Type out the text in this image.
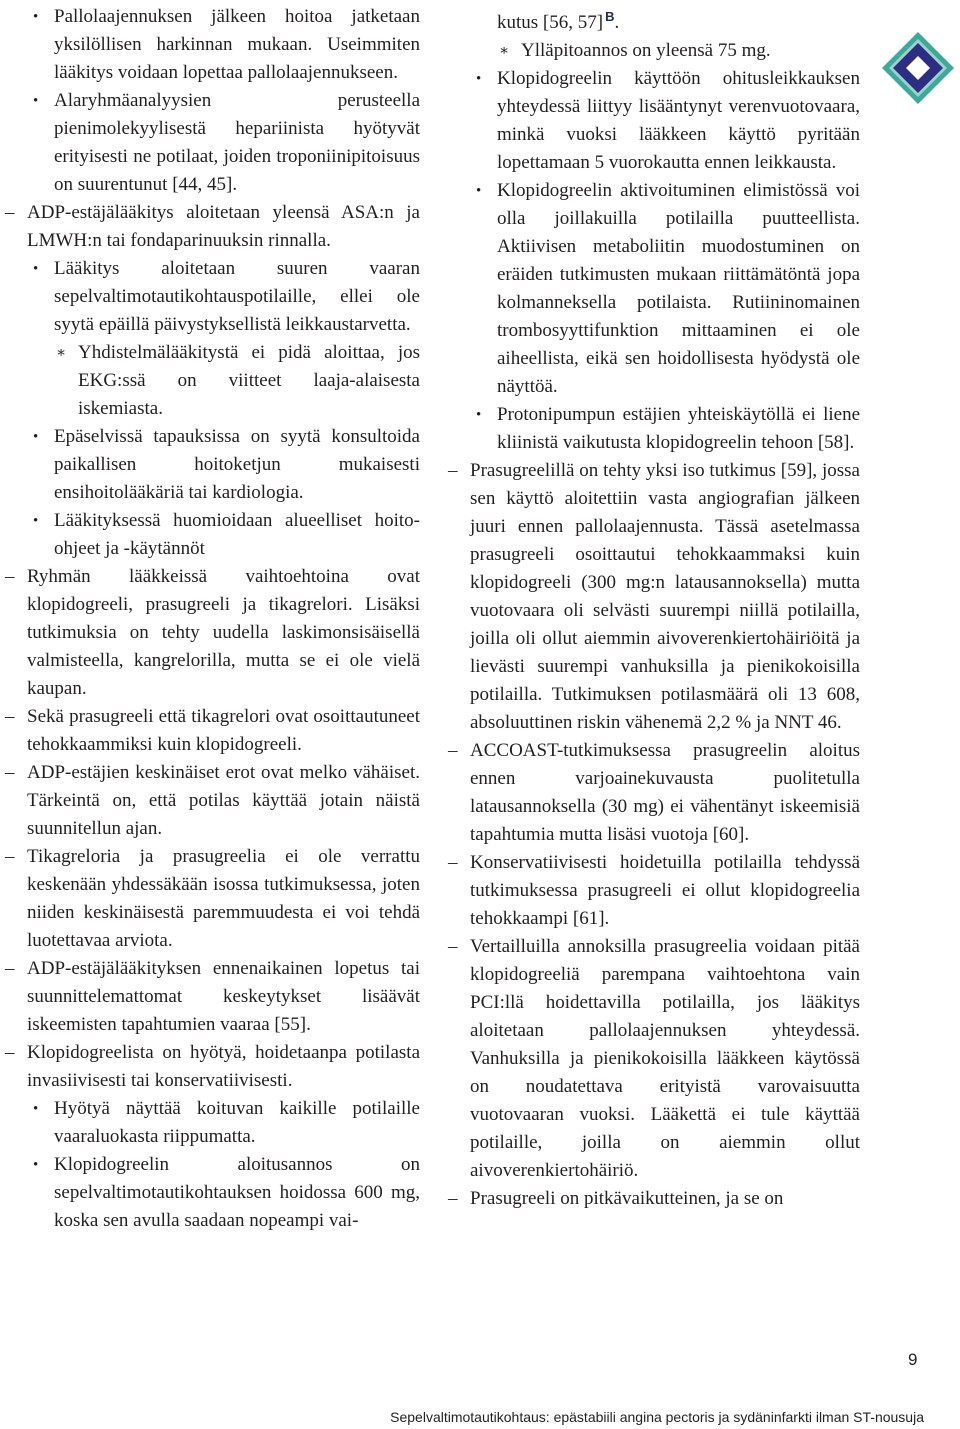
• Pallolaajennuksen jälkeen hoitoa jatketaan yksilöllisen harkinnan mukaan. Useimmiten lääkitys voidaan lopettaa pallolaajennukseen.
• Alaryhmäanalyysien perusteella pienimolekyylisestä hepariinista hyötyvät erityisesti ne potilaat, joiden troponiinipitoisuus on suurentunut [44, 45].
– ADP-estäjälääkitys aloitetaan yleensä ASA:n ja LMWH:n tai fondaparinuuksin rinnalla.
• Lääkitys aloitetaan suuren vaaran sepelvaltimotautikohtauspotilaille, ellei ole syytä epäillä päivystyksellistä leikkaustarvetta.
∗ Yhdistelmälääkitystä ei pidä aloittaa, jos EKG:ssä on viitteet laaja-alaisesta iskemiasta.
• Epäselvissä tapauksissa on syytä konsultoida paikallisen hoitoketjun mukaisesti ensihoitolääkäriä tai kardiologia.
• Lääkityksessä huomioidaan alueelliset hoito-ohjeet ja -käytännöt
– Ryhmän lääkkeissä vaihtoehtoina ovat klopidogreeli, prasugreeli ja tikagrelori. Lisäksi tutkimuksia on tehty uudella laskimonsisäisellä valmisteella, kangrelorilla, mutta se ei ole vielä kaupan.
– Sekä prasugreeli että tikagrelori ovat osoittautuneet tehokkaammiksi kuin klopidogreeli.
– ADP-estäjien keskinäiset erot ovat melko vähäiset. Tärkeintä on, että potilas käyttää jotain näistä suunnitellun ajan.
– Tikagreloria ja prasugreelia ei ole verrattu keskenään yhdessäkään isossa tutkimuksessa, joten niiden keskinäisestä paremmuudesta ei voi tehdä luotettavaa arviota.
– ADP-estäjälääkityksen ennenaikainen lopetus tai suunnittelemattomat keskeytykset lisäävät iskeemisten tapahtumien vaaraa [55].
– Klopidogreelista on hyötyä, hoidetaanpa potilasta invasiivisesti tai konservatiivisesti.
• Hyötyä näyttää koituvan kaikille potilaille vaaraluokasta riippumatta.
• Klopidogreelin aloitusannos on sepelvaltimotautikohtauksen hoidossa 600 mg, koska sen avulla saadaan nopeampi vai-
kutus [56, 57] $^B$.
∗ Ylläpitoannos on yleensä 75 mg.
• Klopidogreelin käyttöön ohitusleikkauksen yhteydessä liittyy lisääntynyt verenvuotovaara, minkä vuoksi lääkkeen käyttö pyritään lopettamaan 5 vuorokautta ennen leikkausta.
• Klopidogreelin aktivoituminen elimistössä voi olla joillakuilla potilailla puutteellista. Aktiivisen metaboliitin muodostuminen on eräiden tutkimusten mukaan riittämätöntä jopa kolmanneksella potilaista. Rutiininomainen trombosyyttifunktion mittaaminen ei ole aiheellista, eikä sen hoidollisesta hyödystä ole näyttöä.
• Protonipumpun estäjien yhteiskäytöllä ei liene kliinistä vaikutusta klopidogreelin tehoon [58].
– Prasugreelillä on tehty yksi iso tutkimus [59], jossa sen käyttö aloitettiin vasta angiografian jälkeen juuri ennen pallolaajennusta. Tässä asetelmassa prasugreeli osoittautui tehokkaammaksi kuin klopidogreeli (300 mg:n latausannoksella) mutta vuotovaara oli selvästi suurempi niillä potilailla, joilla oli ollut aiemmin aivoverenkiertohäiriöitä ja lievästi suurempi vanhuksilla ja pienikokoisilla potilailla. Tutkimuksen potilasmäärä oli 13 608, absoluuttinen riskin vähenemä 2,2 % ja NNT 46.
– ACCOAST-tutkimuksessa prasugreelin aloitus ennen varjoainekuvausta puolitetulla latausannoksella (30 mg) ei vähentänyt iskeemisiä tapahtumia mutta lisäsi vuotoja [60].
– Konservatiivisesti hoidetuilla potilailla tehdyssä tutkimuksessa prasugreeli ei ollut klopidogreelia tehokkaampi [61].
– Vertailluilla annoksilla prasugreelia voidaan pitää klopidogreeliä parempana vaihtoehtona vain PCI:llä hoidettavilla potilailla, jos lääkitys aloitetaan pallolaajennuksen yhteydessä. Vanhuksilla ja pienikokoisilla lääkkeen käytössä on noudatettava erityistä varovaisuutta vuotovaaran vuoksi. Lääkettä ei tule käyttää potilaille, joilla on aiemmin ollut aivoverenkiertohäiriö.
– Prasugreeli on pitkävaikutteinen, ja se on
9
Sepelvaltimotautikohtaus: epästabiili angina pectoris ja sydäninfarkti ilman ST-nousuja
